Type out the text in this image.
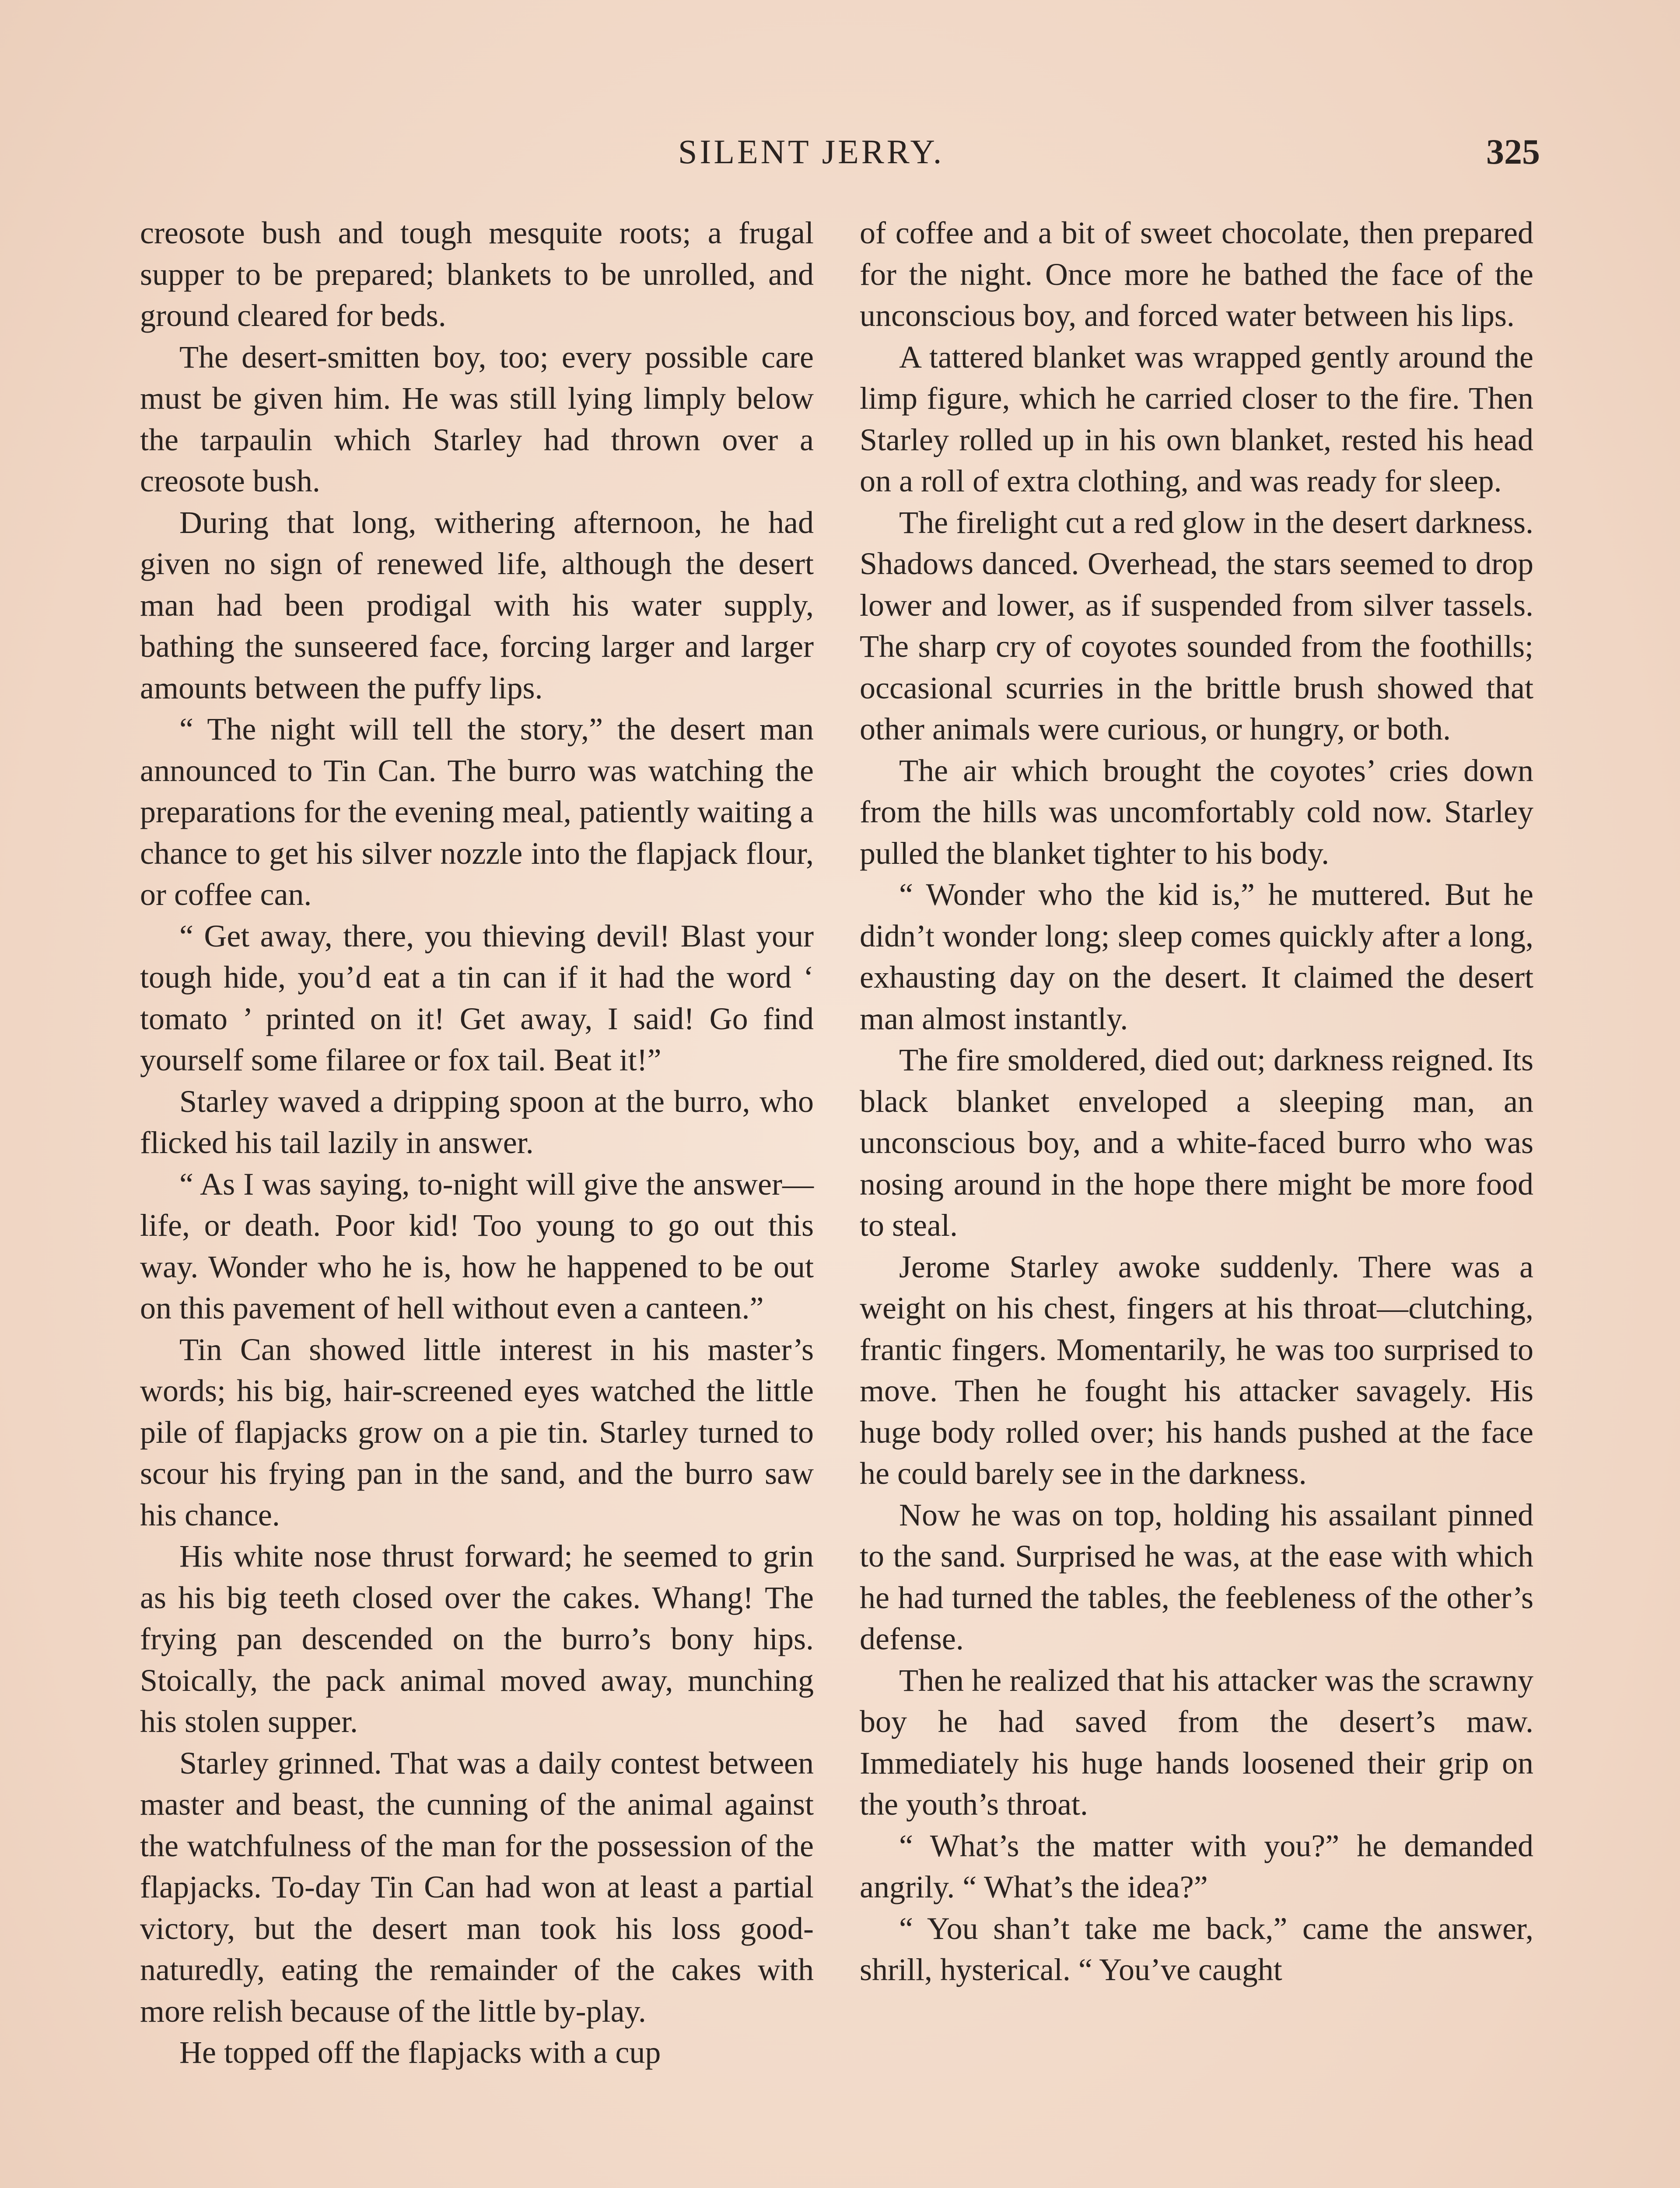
SILENT JERRY.	325

creosote bush and tough mesquite roots; a frugal supper to be prepared; blankets to be unrolled, and ground cleared for beds.

The desert-smitten boy, too; every possible care must be given him. He was still lying limply below the tarpaulin which Starley had thrown over a creosote bush.

During that long, withering afternoon, he had given no sign of renewed life, although the desert man had been prodigal with his water supply, bathing the sunseered face, forcing larger and larger amounts between the puffy lips.

“ The night will tell the story,” the desert man announced to Tin Can. The burro was watching the preparations for the evening meal, patiently waiting a chance to get his silver nozzle into the flapjack flour, or coffee can.

“ Get away, there, you thieving devil! Blast your tough hide, you’d eat a tin can if it had the word ‘ tomato ’ printed on it! Get away, I said! Go find yourself some filaree or fox tail. Beat it!”

Starley waved a dripping spoon at the burro, who flicked his tail lazily in answer.

“ As I was saying, to-night will give the answer—life, or death. Poor kid! Too young to go out this way. Wonder who he is, how he happened to be out on this pavement of hell without even a canteen.”

Tin Can showed little interest in his master’s words; his big, hair-screened eyes watched the little pile of flapjacks grow on a pie tin. Starley turned to scour his frying pan in the sand, and the burro saw his chance.

His white nose thrust forward; he seemed to grin as his big teeth closed over the cakes. Whang! The frying pan descended on the burro’s bony hips. Stoically, the pack animal moved away, munching his stolen supper.

Starley grinned. That was a daily contest between master and beast, the cunning of the animal against the watchfulness of the man for the possession of the flapjacks. To-day Tin Can had won at least a partial victory, but the desert man took his loss good-naturedly, eating the remainder of the cakes with more relish because of the little by-play.

He topped off the flapjacks with a cup

of coffee and a bit of sweet chocolate, then prepared for the night. Once more he bathed the face of the unconscious boy, and forced water between his lips.

A tattered blanket was wrapped gently around the limp figure, which he carried closer to the fire. Then Starley rolled up in his own blanket, rested his head on a roll of extra clothing, and was ready for sleep.

The firelight cut a red glow in the desert darkness. Shadows danced. Overhead, the stars seemed to drop lower and lower, as if suspended from silver tassels. The sharp cry of coyotes sounded from the foothills; occasional scurries in the brittle brush showed that other animals were curious, or hungry, or both.

The air which brought the coyotes’ cries down from the hills was uncomfortably cold now. Starley pulled the blanket tighter to his body.

“ Wonder who the kid is,” he muttered. But he didn’t wonder long; sleep comes quickly after a long, exhausting day on the desert. It claimed the desert man almost instantly.

The fire smoldered, died out; darkness reigned. Its black blanket enveloped a sleeping man, an unconscious boy, and a white-faced burro who was nosing around in the hope there might be more food to steal.

Jerome Starley awoke suddenly. There was a weight on his chest, fingers at his throat—clutching, frantic fingers. Momentarily, he was too surprised to move. Then he fought his attacker savagely. His huge body rolled over; his hands pushed at the face he could barely see in the darkness.

Now he was on top, holding his assailant pinned to the sand. Surprised he was, at the ease with which he had turned the tables, the feebleness of the other’s defense.

Then he realized that his attacker was the scrawny boy he had saved from the desert’s maw. Immediately his huge hands loosened their grip on the youth’s throat.

“ What’s the matter with you?” he demanded angrily. “ What’s the idea?”

“ You shan’t take me back,” came the answer, shrill, hysterical. “ You’ve caught
